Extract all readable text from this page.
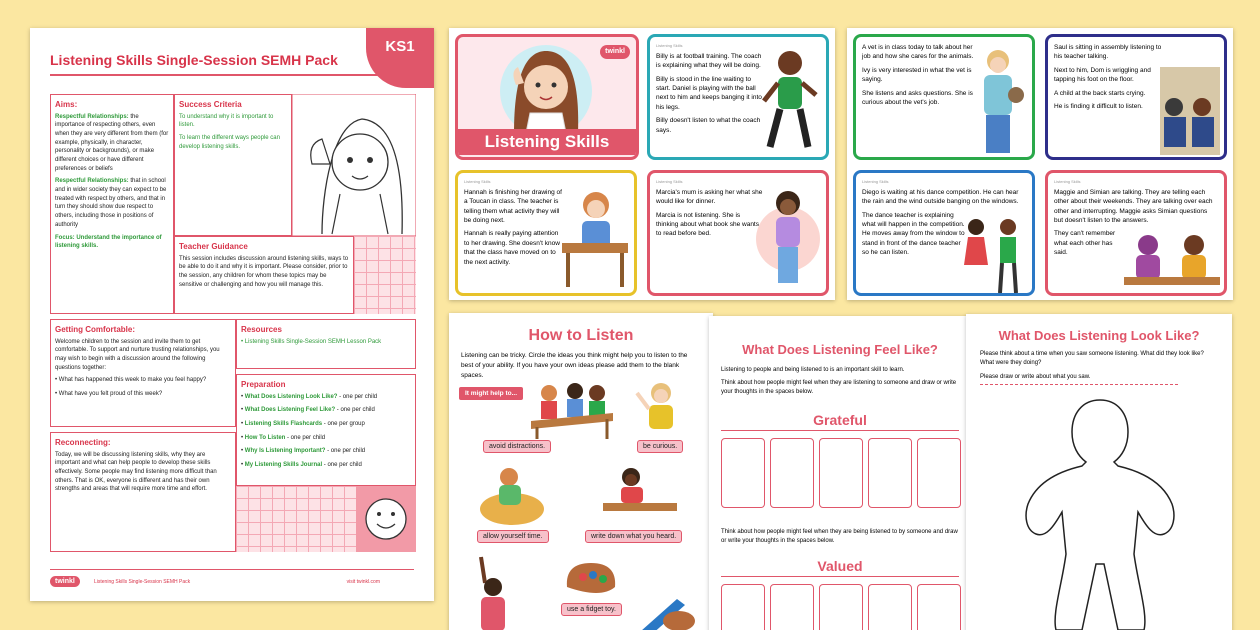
Listening Skills Single-Session SEMH Pack
KS1
Aims:

Respectful Relationships: the importance of respecting others, even when they are very different from them (for example, physically, in character, personality or backgrounds), or make different choices or have different preferences or beliefs

Respectful Relationships: that in school and in wider society they can expect to be treated with respect by others, and that in turn they should show due respect to others, including those in positions of authority

Focus: Understand the importance of listening skills.

Success Criteria

To understand why it is important to listen.

To learn the different ways people can develop listening skills.

Teacher Guidance

This session includes discussion around listening skills, ways to be able to do it and why it is important. Please consider, prior to the session, any children for whom these topics may be sensitive or challenging and how you will manage this.

Getting Comfortable:

Welcome children to the session and invite them to get comfortable. To support and nurture trusting relationships, you may wish to begin with a discussion around the following questions together:

• What has happened this week to make you feel happy?
• What have you felt proud of this week?
Reconnecting:

Today, we will be discussing listening skills, why they are important and what can help people to develop these skills effectively. Some people may find listening more difficult than others. That is OK, everyone is different and has their own strengths and areas that will require more time and effort.

Resources
• Listening Skills Single-Session SEMH Lesson Pack
Preparation
• What Does Listening Look Like? - one per child
• What Does Listening Feel Like? - one per child
• Listening Skills Flashcards - one per group
• How To Listen - one per child
• Why Is Listening Important? - one per child
• My Listening Skills Journal - one per child
twinkl	Listening Skills Single-Session SEMH Pack	visit twinkl.com
twinkl
Listening Skills
Listening Skills

Billy is at football training. The coach is explaining what they will be doing.

Billy is stood in the line waiting to start. Daniel is playing with the ball next to him and keeps banging it into his legs.

Billy doesn't listen to what the coach says.

Listening Skills

Hannah is finishing her drawing of a Toucan in class. The teacher is telling them what activity they will be doing next.

Hannah is really paying attention to her drawing. She doesn't know that the class have moved on to the next activity.

Listening Skills

Marcia's mum is asking her what she would like for dinner.

Marcia is not listening. She is thinking about what book she wants to read before bed.

A vet is in class today to talk about her job and how she cares for the animals.

Ivy is very interested in what the vet is saying.

She listens and asks questions. She is curious about the vet's job.

Saul is sitting in assembly listening to his teacher talking.

Next to him, Dom is wriggling and tapping his foot on the floor.

A child at the back starts crying.

He is finding it difficult to listen.

Listening Skills

Diego is waiting at his dance competition. He can hear the rain and the wind outside banging on the windows.

The dance teacher is explaining what will happen in the competition. He moves away from the window to stand in front of the dance teacher so he can listen.

Listening Skills

Maggie and Simian are talking. They are telling each other about their weekends. They are talking over each other and interrupting. Maggie asks Simian questions but doesn't listen to the answers.

They can't remember what each other has said.

How to Listen
Listening can be tricky. Circle the ideas you think might help you to listen to the best of your ability. If you have your own ideas please add them to the blank spaces.
It might help to...
avoid distractions.	be curious.
allow yourself time.	write down what you heard.
use a fidget toy.
What Does Listening Feel Like?

Listening to people and being listened to is an important skill to learn.

Think about how people might feel when they are listening to someone and draw or write your thoughts in the spaces below.

Grateful
Think about how people might feel when they are being listened to by someone and draw or write your thoughts in the spaces below.
Valued
What Does Listening Look Like?

Please think about a time when you saw someone listening. What did they look like? What were they doing?

Please draw or write about what you saw.
